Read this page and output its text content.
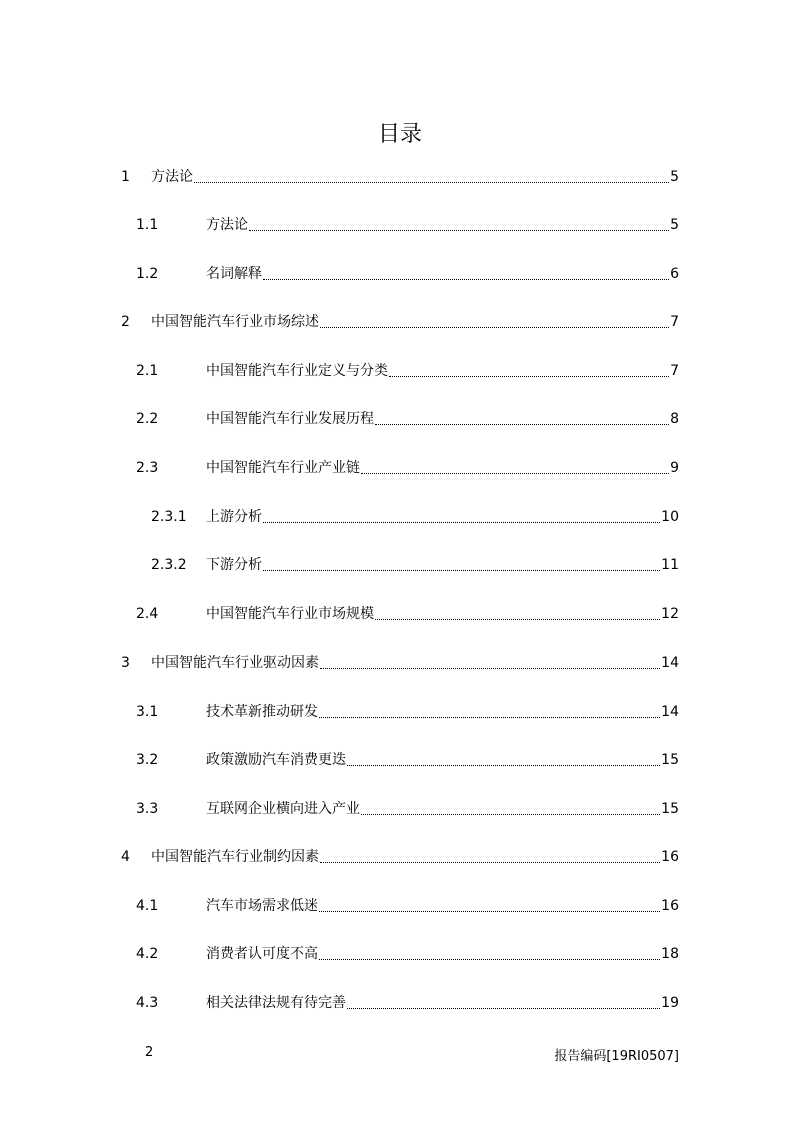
目录
1 方法论	5
1.1	方法论	5
1.2	名词解释	6
2 中国智能汽车行业市场综述	7
2.1	中国智能汽车行业定义与分类	7
2.2	中国智能汽车行业发展历程	8
2.3	中国智能汽车行业产业链	9
2.3.1 上游分析	10
2.3.2 下游分析	11
2.4	中国智能汽车行业市场规模	12
3 中国智能汽车行业驱动因素	14
3.1	技术革新推动研发	14
3.2	政策激励汽车消费更迭	15
3.3	互联网企业横向进入产业	15
4 中国智能汽车行业制约因素	16
4.1	汽车市场需求低迷	16
4.2	消费者认可度不高	18
4.3	相关法律法规有待完善	19
2	报告编码[19RI0507]
